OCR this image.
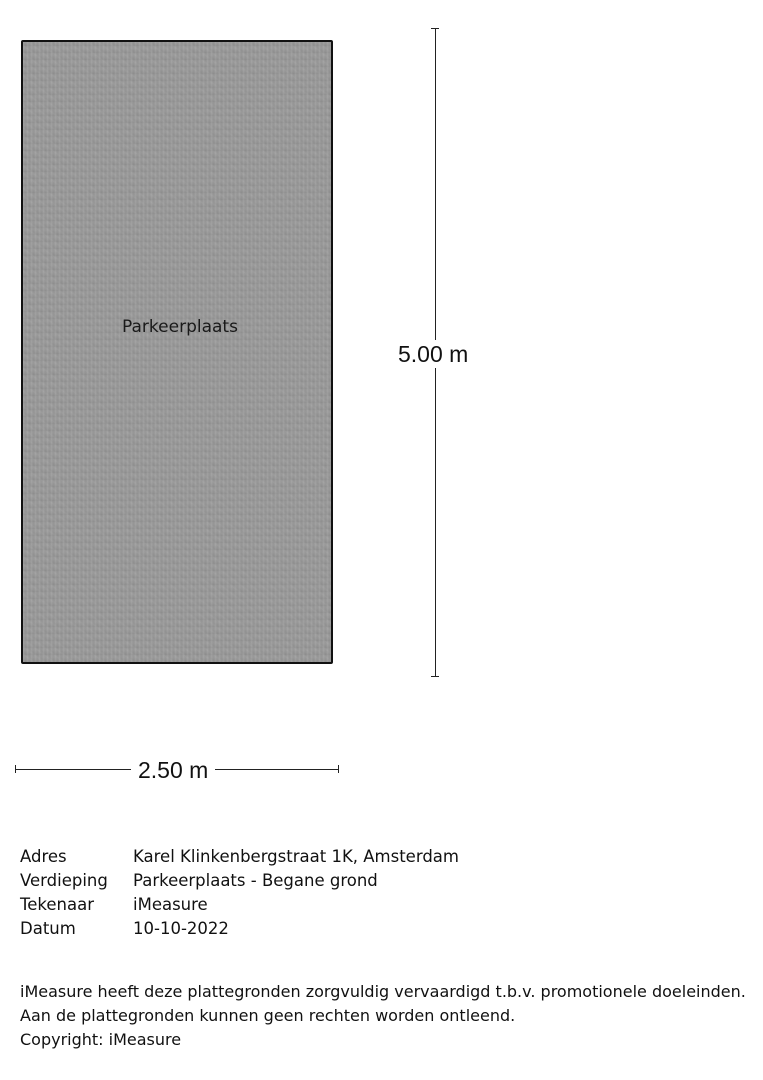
Parkeerplaats
5.00 m
2.50 m
Adres	Karel Klinkenbergstraat 1K, Amsterdam
Verdieping	Parkeerplaats - Begane grond
Tekenaar	iMeasure
Datum	10-10-2022
iMeasure heeft deze plattegronden zorgvuldig vervaardigd t.b.v. promotionele doeleinden.
Aan de plattegronden kunnen geen rechten worden ontleend.
Copyright: iMeasure
